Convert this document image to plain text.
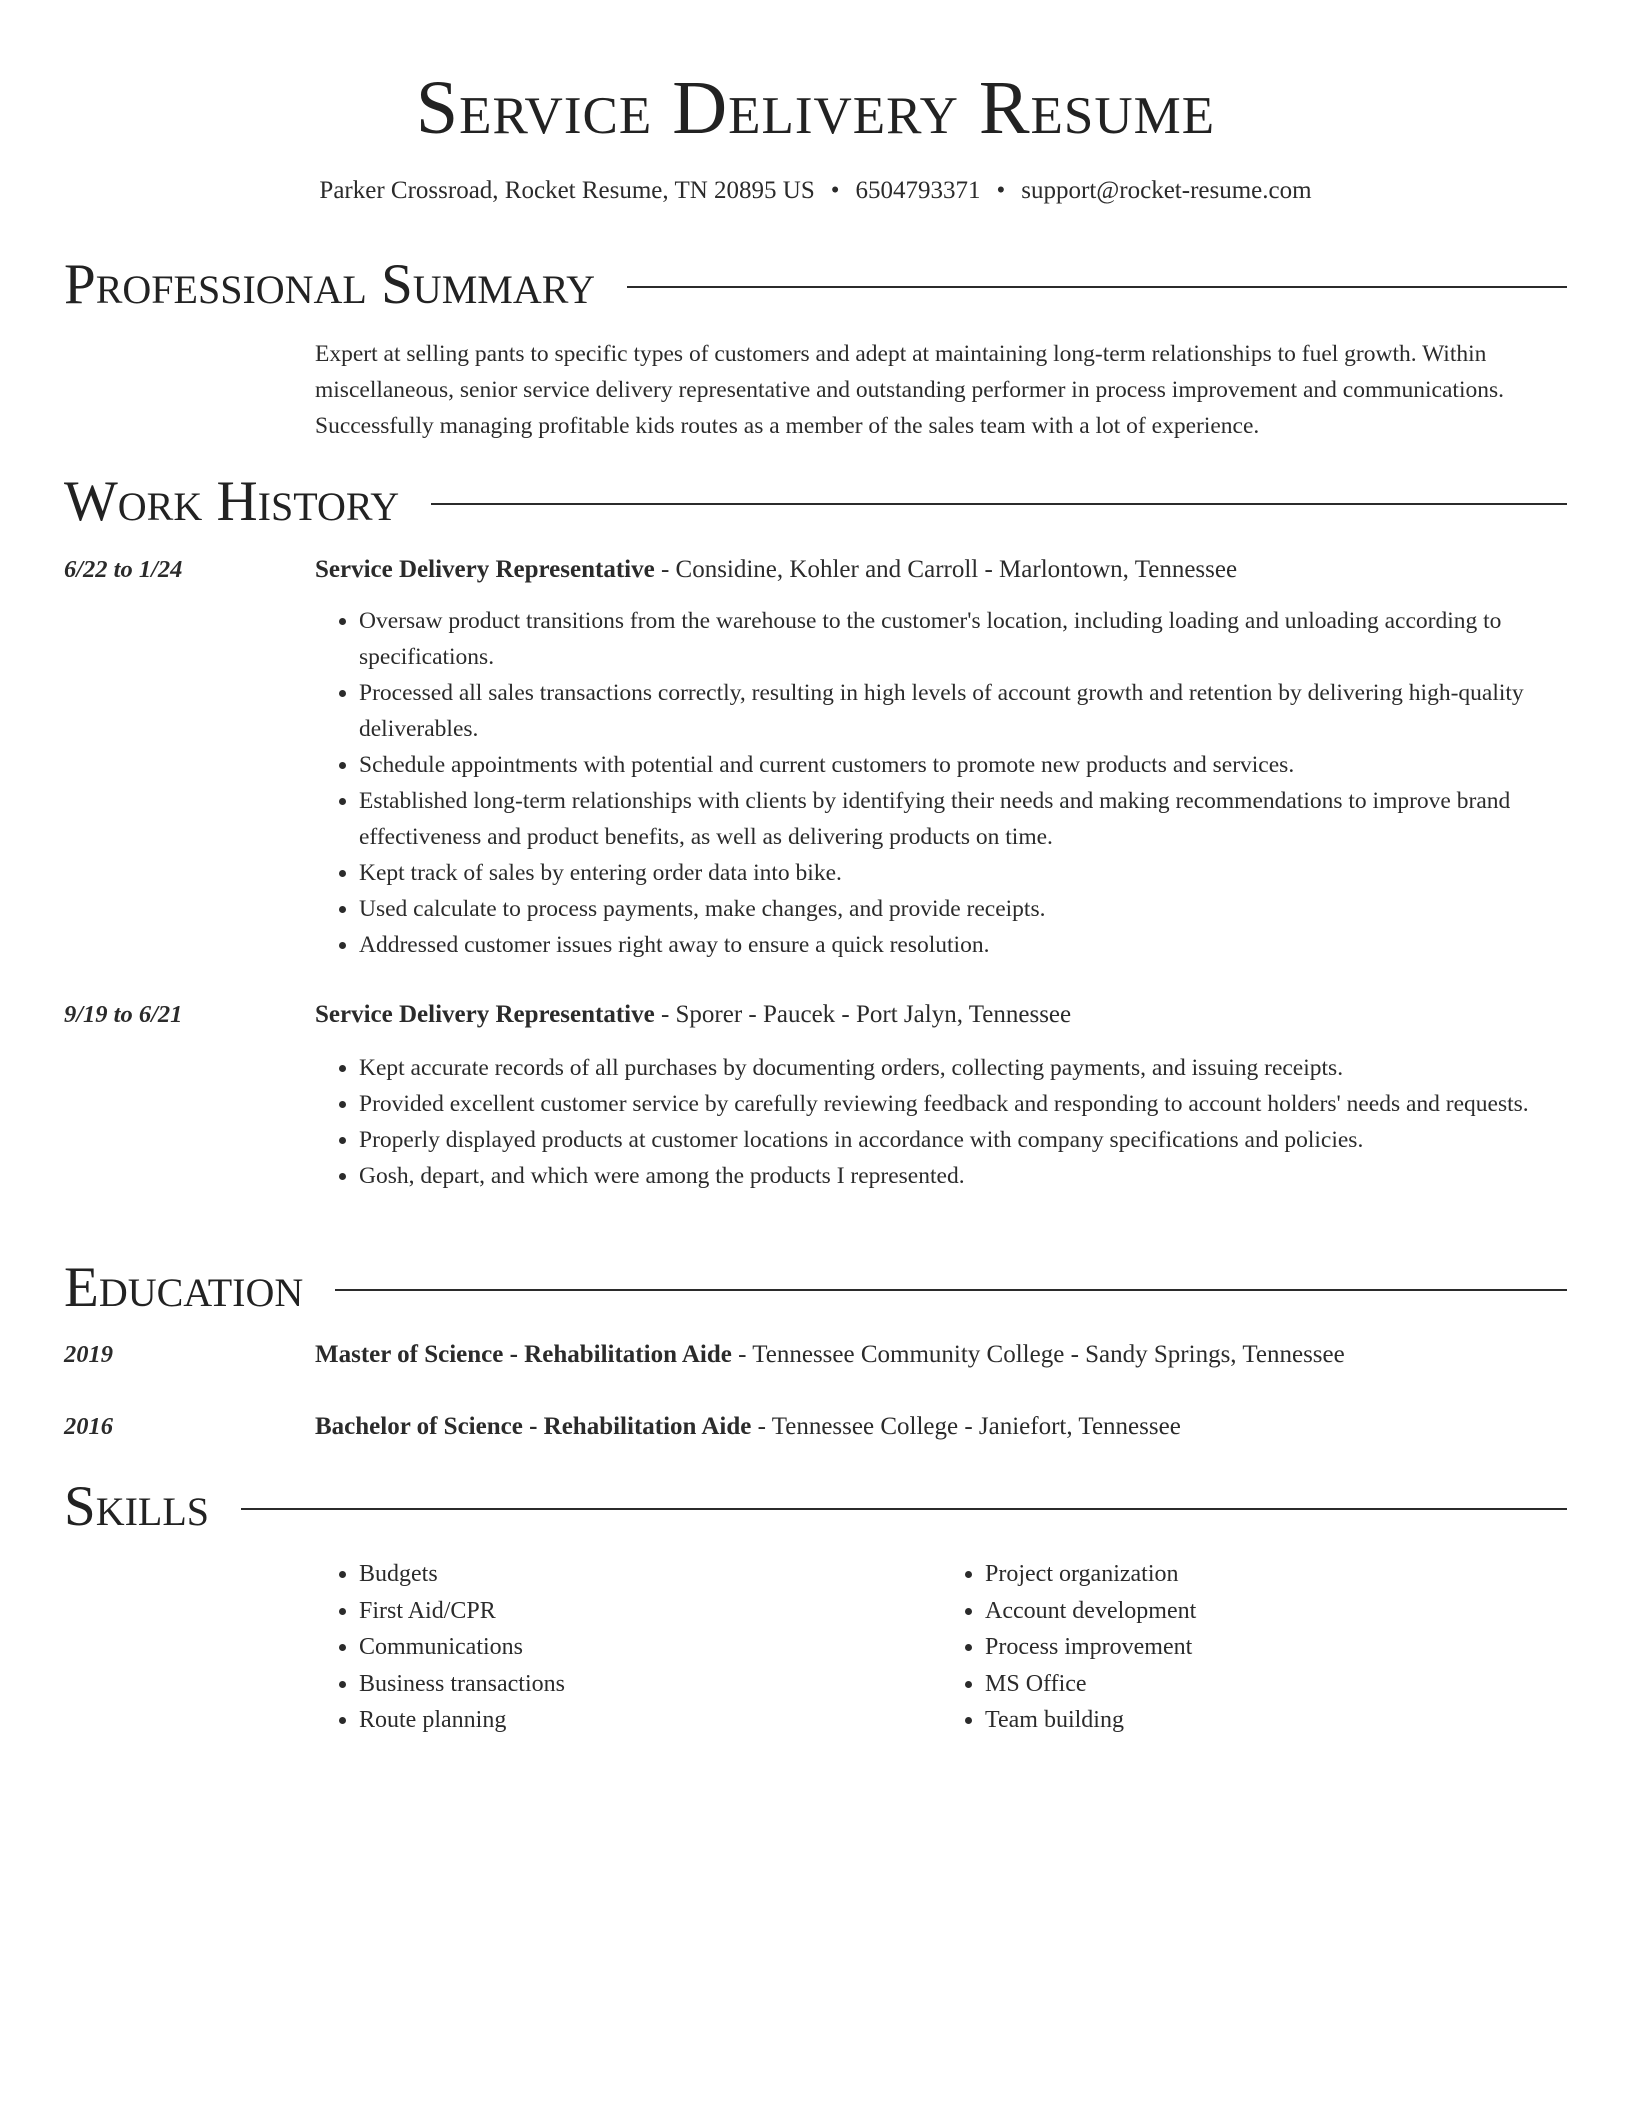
Service Delivery Resume
Parker Crossroad, Rocket Resume, TN 20895 US • 6504793371 • support@rocket-resume.com
Professional Summary
Expert at selling pants to specific types of customers and adept at maintaining long-term relationships to fuel growth. Within miscellaneous, senior service delivery representative and outstanding performer in process improvement and communications. Successfully managing profitable kids routes as a member of the sales team with a lot of experience.
Work History
6/22 to 1/24	Service Delivery Representative - Considine, Kohler and Carroll - Marlontown, Tennessee
• Oversaw product transitions from the warehouse to the customer's location, including loading and unloading according to specifications.
• Processed all sales transactions correctly, resulting in high levels of account growth and retention by delivering high-quality deliverables.
• Schedule appointments with potential and current customers to promote new products and services.
• Established long-term relationships with clients by identifying their needs and making recommendations to improve brand effectiveness and product benefits, as well as delivering products on time.
• Kept track of sales by entering order data into bike.
• Used calculate to process payments, make changes, and provide receipts.
• Addressed customer issues right away to ensure a quick resolution.
9/19 to 6/21	Service Delivery Representative - Sporer - Paucek - Port Jalyn, Tennessee
• Kept accurate records of all purchases by documenting orders, collecting payments, and issuing receipts.
• Provided excellent customer service by carefully reviewing feedback and responding to account holders' needs and requests.
• Properly displayed products at customer locations in accordance with company specifications and policies.
• Gosh, depart, and which were among the products I represented.
Education
2019	Master of Science - Rehabilitation Aide - Tennessee Community College - Sandy Springs, Tennessee
2016	Bachelor of Science - Rehabilitation Aide - Tennessee College - Janiefort, Tennessee
Skills
• Budgets
• First Aid/CPR
• Communications
• Business transactions
• Route planning
• Project organization
• Account development
• Process improvement
• MS Office
• Team building
